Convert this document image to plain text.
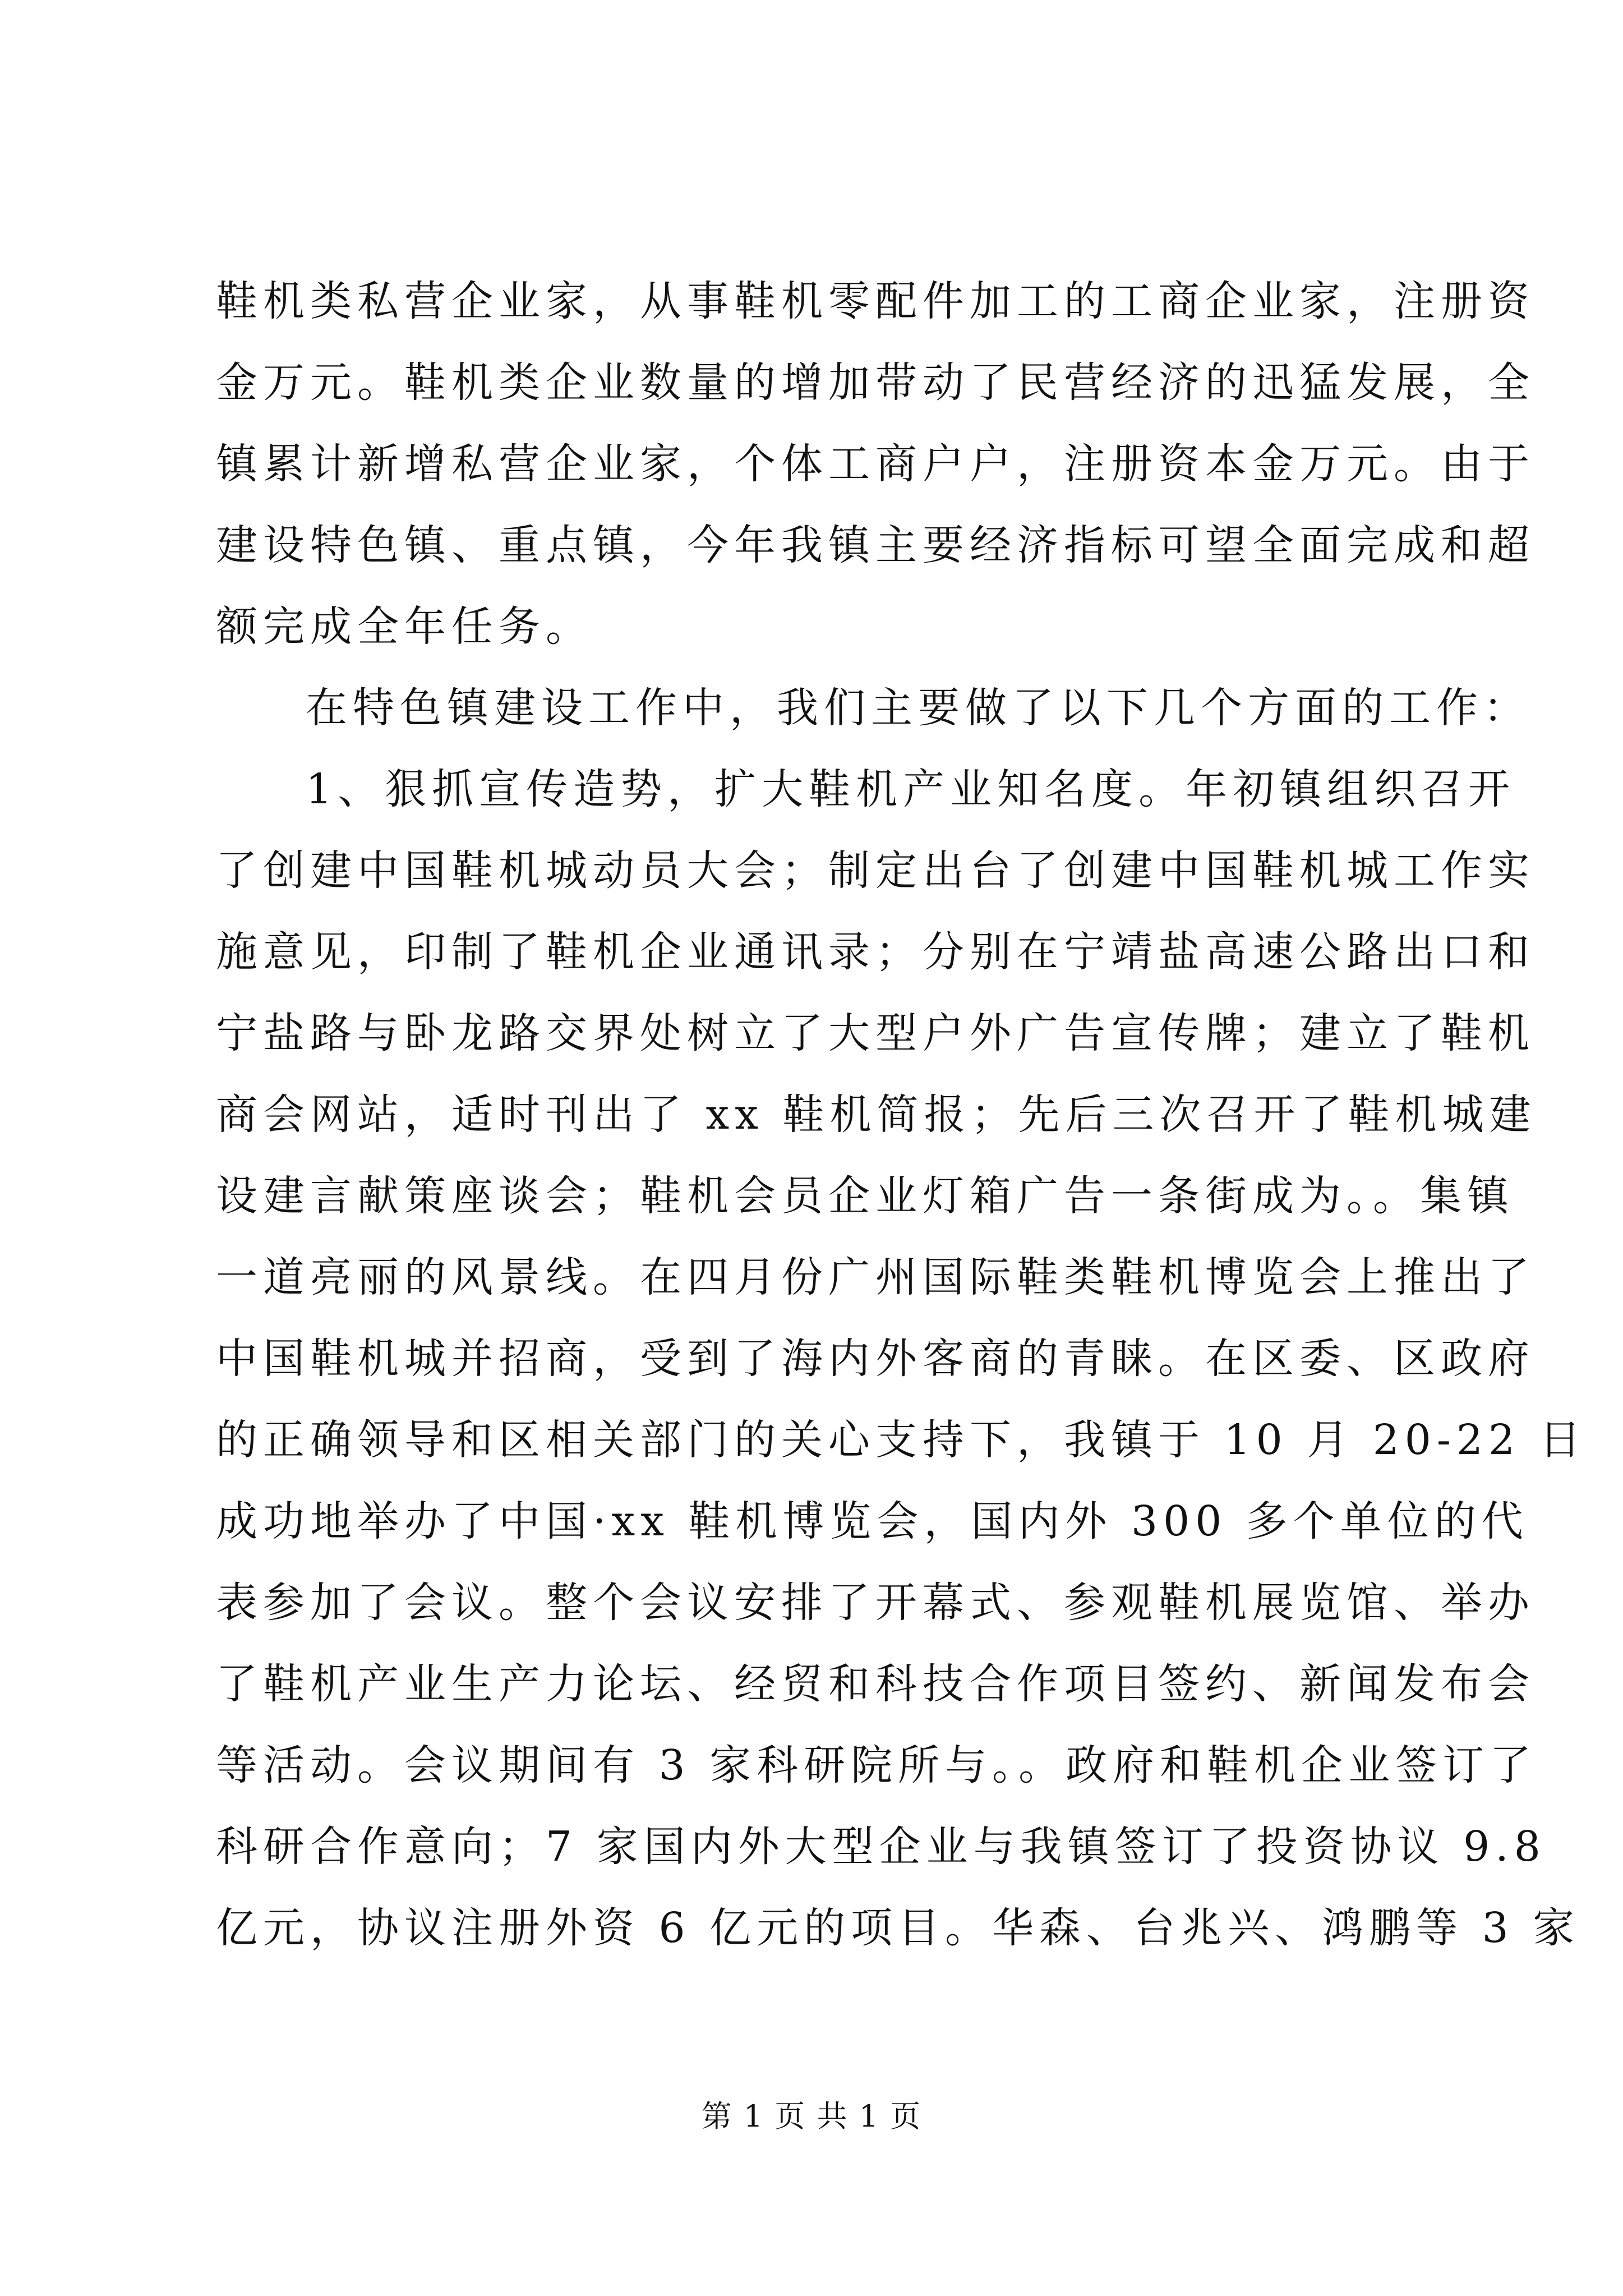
鞋机类私营企业家，从事鞋机零配件加工的工商企业家，注册资
金万元。鞋机类企业数量的增加带动了民营经济的迅猛发展，全
镇累计新增私营企业家，个体工商户户，注册资本金万元。由于
建设特色镇、重点镇，今年我镇主要经济指标可望全面完成和超
额完成全年任务。
在特色镇建设工作中，我们主要做了以下几个方面的工作：
1、狠抓宣传造势，扩大鞋机产业知名度。年初镇组织召开
了创建中国鞋机城动员大会；制定出台了创建中国鞋机城工作实
施意见，印制了鞋机企业通讯录；分别在宁靖盐高速公路出口和
宁盐路与卧龙路交界处树立了大型户外广告宣传牌；建立了鞋机
商会网站，适时刊出了 xx 鞋机简报；先后三次召开了鞋机城建
设建言献策座谈会；鞋机会员企业灯箱广告一条街成为。。集镇
一道亮丽的风景线。在四月份广州国际鞋类鞋机博览会上推出了
中国鞋机城并招商，受到了海内外客商的青睐。在区委、区政府
的正确领导和区相关部门的关心支持下，我镇于 10 月 20-22 日
成功地举办了中国·xx 鞋机博览会，国内外 300 多个单位的代
表参加了会议。整个会议安排了开幕式、参观鞋机展览馆、举办
了鞋机产业生产力论坛、经贸和科技合作项目签约、新闻发布会
等活动。会议期间有 3 家科研院所与。。政府和鞋机企业签订了
科研合作意向；7 家国内外大型企业与我镇签订了投资协议 9.8
亿元，协议注册外资 6 亿元的项目。华森、台兆兴、鸿鹏等 3 家
第 1 页 共 1 页
